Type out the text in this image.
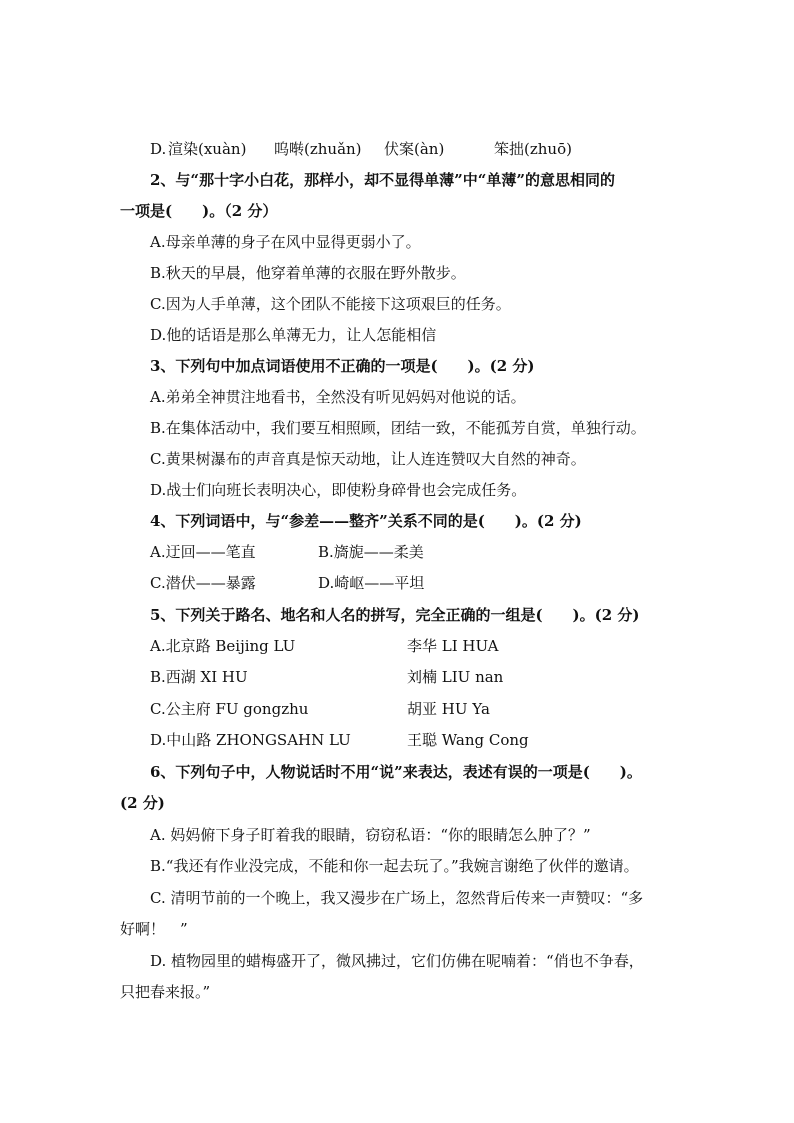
D. 渲染(xuàn) 呜啭(zhuǎn) 伏案(àn)	笨拙(zhuō)
2、与“那十字小白花，那样小，却不显得单薄”中“单薄”的意思相同的
一项是(　　)。（2 分）
A.母亲单薄的身子在风中显得更弱小了。
B.秋天的早晨，他穿着单薄的衣服在野外散步。
C.因为人手单薄，这个团队不能接下这项艰巨的任务。
D.他的话语是那么单薄无力，让人怎能相信
3、下列句中加点词语使用不正确的一项是(　　)。(2 分)
A.弟弟全神贯注地看书，全然没有听见妈妈对他说的话。
B.在集体活动中，我们要互相照顾，团结一致，不能孤芳自赏，单独行动。
C.黄果树瀑布的声音真是惊天动地，让人连连赞叹大自然的神奇。
D.战士们向班长表明决心，即使粉身碎骨也会完成任务。
4、下列词语中，与“参差——整齐”关系不同的是(　　)。(2 分)
A.迂回——笔直	B.旖旎——柔美
C.潜伏——暴露	D.崎岖——平坦
5、下列关于路名、地名和人名的拼写，完全正确的一组是(　　)。(2 分)
A.北京路 Beijing LU	李华 LI HUA
B.西湖 XI HU	刘楠 LIU nan
C.公主府 FU gongzhu	胡亚 HU Ya
D.中山路 ZHONGSAHN LU	王聪 Wang Cong
6、下列句子中，人物说话时不用“说”来表达，表述有误的一项是(　　)。
(2 分)
A. 妈妈俯下身子盯着我的眼睛，窃窃私语：“你的眼睛怎么肿了？”
B.“我还有作业没完成，不能和你一起去玩了。”我婉言谢绝了伙伴的邀请。
C. 清明节前的一个晚上，我又漫步在广场上，忽然背后传来一声赞叹：“多
好啊！　”
D. 植物园里的蜡梅盛开了，微风拂过，它们仿佛在呢喃着：“俏也不争春，
只把春来报。”
